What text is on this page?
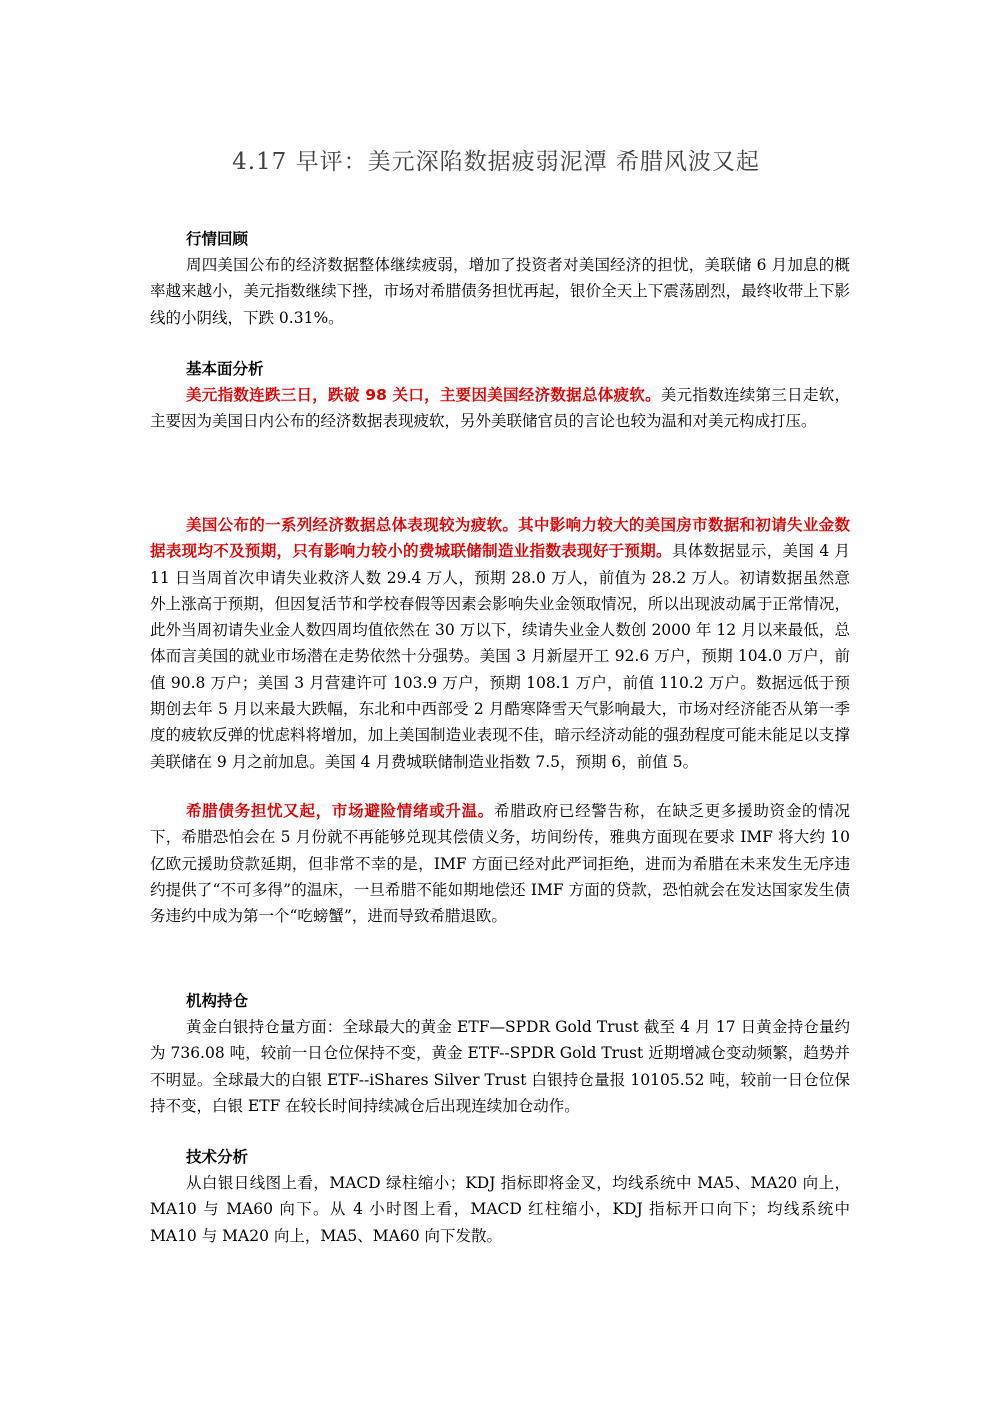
4.17 早评：美元深陷数据疲弱泥潭 希腊风波又起
行情回顾

周四美国公布的经济数据整体继续疲弱，增加了投资者对美国经济的担忧，美联储 6 月加息的概率越来越小，美元指数继续下挫，市场对希腊债务担忧再起，银价全天上下震荡剧烈，最终收带上下影线的小阴线，下跌 0.31%。

基本面分析

美元指数连跌三日，跌破 98 关口，主要因美国经济数据总体疲软。美元指数连续第三日走软，主要因为美国日内公布的经济数据表现疲软，另外美联储官员的言论也较为温和对美元构成打压。

美国公布的一系列经济数据总体表现较为疲软。其中影响力较大的美国房市数据和初请失业金数据表现均不及预期，只有影响力较小的费城联储制造业指数表现好于预期。具体数据显示，美国 4 月 11 日当周首次申请失业救济人数 29.4 万人，预期 28.0 万人，前值为 28.2 万人。初请数据虽然意外上涨高于预期，但因复活节和学校春假等因素会影响失业金领取情况，所以出现波动属于正常情况，此外当周初请失业金人数四周均值依然在 30 万以下，续请失业金人数创 2000 年 12 月以来最低，总体而言美国的就业市场潜在走势依然十分强势。美国 3 月新屋开工 92.6 万户，预期 104.0 万户，前值 90.8 万户；美国 3 月营建许可 103.9 万户，预期 108.1 万户，前值 110.2 万户。数据远低于预期创去年 5 月以来最大跌幅，东北和中西部受 2 月酷寒降雪天气影响最大，市场对经济能否从第一季度的疲软反弹的忧虑料将增加，加上美国制造业表现不佳，暗示经济动能的强劲程度可能未能足以支撑美联储在 9 月之前加息。美国 4 月费城联储制造业指数 7.5，预期 6，前值 5。

希腊债务担忧又起，市场避险情绪或升温。希腊政府已经警告称，在缺乏更多援助资金的情况下，希腊恐怕会在 5 月份就不再能够兑现其偿债义务，坊间纷传，雅典方面现在要求 IMF 将大约 10 亿欧元援助贷款延期，但非常不幸的是，IMF 方面已经对此严词拒绝，进而为希腊在未来发生无序违约提供了“不可多得”的温床，一旦希腊不能如期地偿还 IMF 方面的贷款，恐怕就会在发达国家发生债务违约中成为第一个“吃螃蟹”，进而导致希腊退欧。

机构持仓

黄金白银持仓量方面：全球最大的黄金 ETF—SPDR Gold Trust 截至 4 月 17 日黄金持仓量约为 736.08 吨，较前一日仓位保持不变，黄金 ETF--SPDR Gold Trust 近期增减仓变动频繁，趋势并不明显。全球最大的白银 ETF--iShares Silver Trust 白银持仓量报 10105.52 吨，较前一日仓位保持不变，白银 ETF 在较长时间持续减仓后出现连续加仓动作。

技术分析

从白银日线图上看，MACD 绿柱缩小；KDJ 指标即将金叉，均线系统中 MA5、MA20 向上，MA10 与 MA60 向下。从 4 小时图上看，MACD 红柱缩小，KDJ 指标开口向下；均线系统中 MA10 与 MA20 向上，MA5、MA60 向下发散。
